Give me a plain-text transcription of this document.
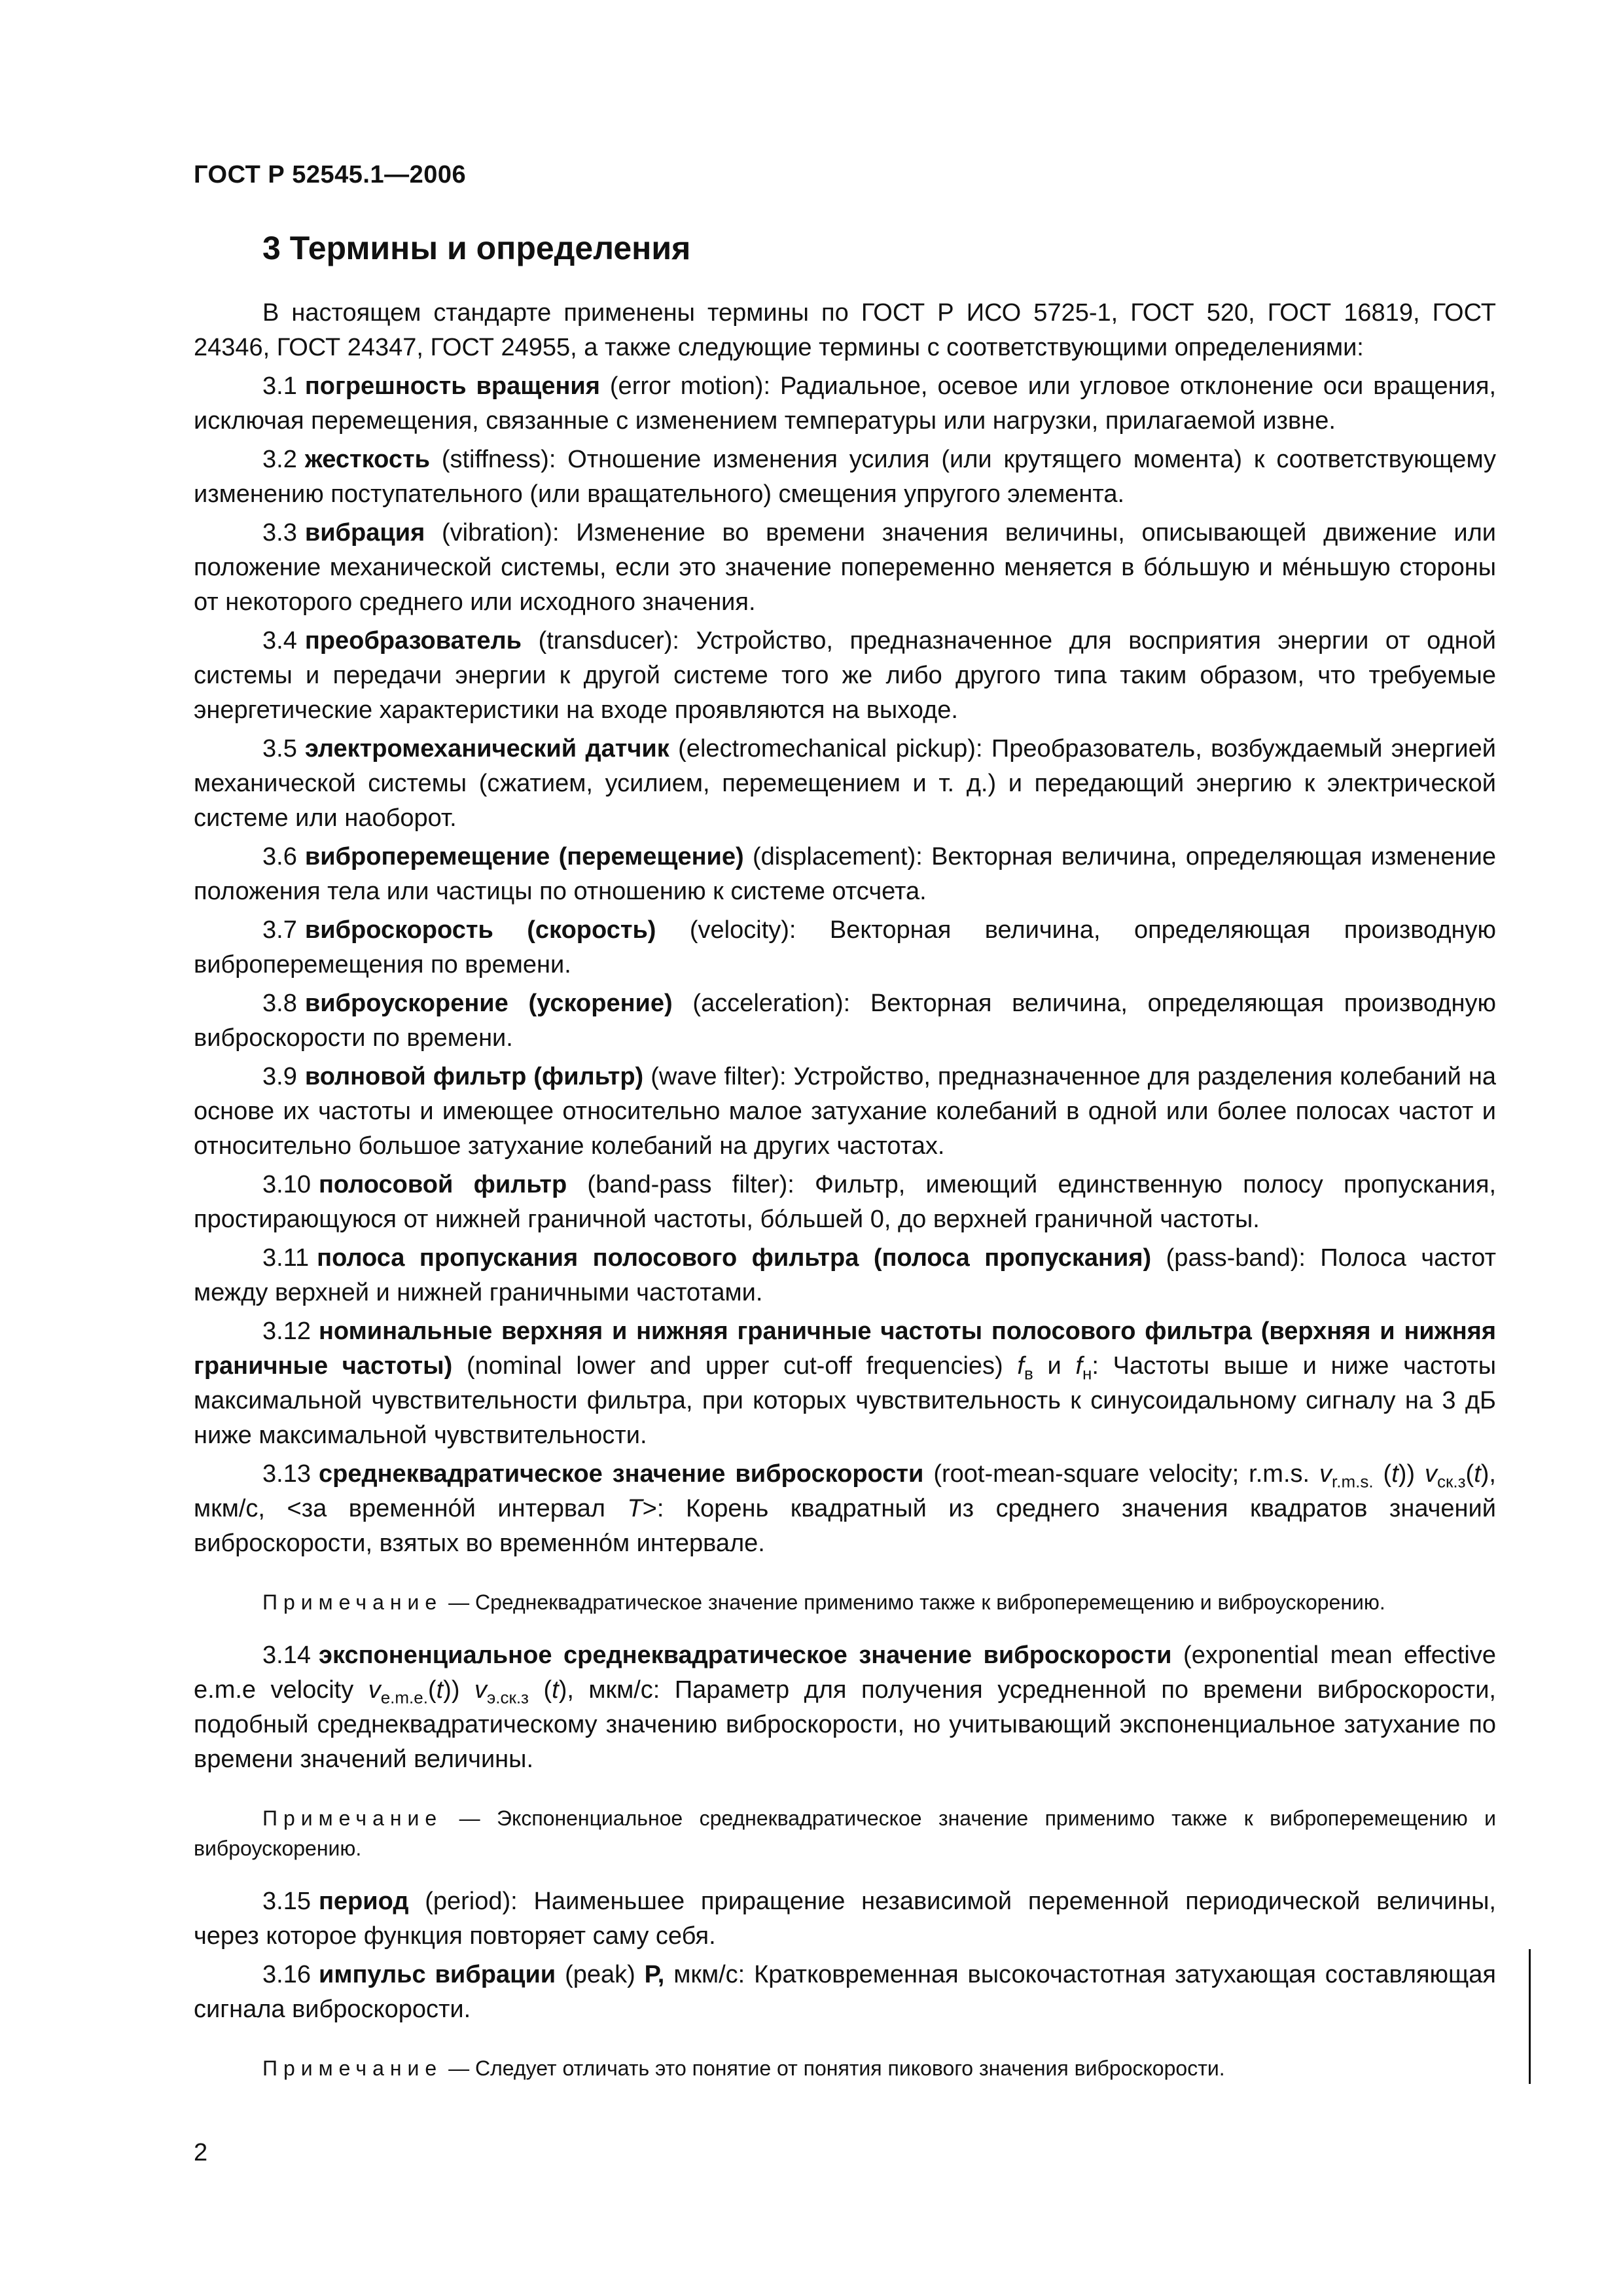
ГОСТ Р 52545.1—2006
3 Термины и определения

В настоящем стандарте применены термины по ГОСТ Р ИСО 5725-1, ГОСТ 520, ГОСТ 16819, ГОСТ 24346, ГОСТ 24347, ГОСТ 24955, а также следующие термины с соответствующими определениями:

3.1 погрешность вращения (error motion): Радиальное, осевое или угловое отклонение оси вращения, исключая перемещения, связанные с изменением температуры или нагрузки, прилагаемой извне.

3.2 жесткость (stiffness): Отношение изменения усилия (или крутящего момента) к соответствующему изменению поступательного (или вращательного) смещения упругого элемента.

3.3 вибрация (vibration): Изменение во времени значения величины, описывающей движение или положение механической системы, если это значение попеременно меняется в бо́льшую и ме́ньшую стороны от некоторого среднего или исходного значения.

3.4 преобразователь (transducer): Устройство, предназначенное для восприятия энергии от одной системы и передачи энергии к другой системе того же либо другого типа таким образом, что требуемые энергетические характеристики на входе проявляются на выходе.

3.5 электромеханический датчик (electromechanical pickup): Преобразователь, возбуждаемый энергией механической системы (сжатием, усилием, перемещением и т. д.) и передающий энергию к электрической системе или наоборот.

3.6 виброперемещение (перемещение) (displacement): Векторная величина, определяющая изменение положения тела или частицы по отношению к системе отсчета.

3.7 виброскорость (скорость) (velocity): Векторная величина, определяющая производную виброперемещения по времени.

3.8 виброускорение (ускорение) (acceleration): Векторная величина, определяющая производную виброскорости по времени.

3.9 волновой фильтр (фильтр) (wave filter): Устройство, предназначенное для разделения колебаний на основе их частоты и имеющее относительно малое затухание колебаний в одной или более полосах частот и относительно большое затухание колебаний на других частотах.

3.10 полосовой фильтр (band-pass filter): Фильтр, имеющий единственную полосу пропускания, простирающуюся от нижней граничной частоты, бо́льшей 0, до верхней граничной частоты.

3.11 полоса пропускания полосового фильтра (полоса пропускания) (pass-band): Полоса частот между верхней и нижней граничными частотами.

3.12 номинальные верхняя и нижняя граничные частоты полосового фильтра (верхняя и нижняя граничные частоты) (nominal lower and upper cut-off frequencies) $f_в$ и $f_н$: Частоты выше и ниже частоты максимальной чувствительности фильтра, при которых чувствительность к синусоидальному сигналу на 3 дБ ниже максимальной чувствительности.

3.13 среднеквадратическое значение виброскорости (root-mean-square velocity; r.m.s. $v_{r.m.s.}$ (t)) $v_{ск.з}(t)$, мкм/с, <за временно́й интервал T>: Корень квадратный из среднего значения квадратов значений виброскорости, взятых во временно́м интервале.

Примечание — Среднеквадратическое значение применимо также к виброперемещению и виброускорению.

3.14 экспоненциальное среднеквадратическое значение виброскорости (exponential mean effective e.m.e velocity $v_{e.m.e.}(t)$) $v_{э.ск.з}$ (t), мкм/с: Параметр для получения усредненной по времени виброскорости, подобный среднеквадратическому значению виброскорости, но учитывающий экспоненциальное затухание по времени значений величины.

Примечание — Экспоненциальное среднеквадратическое значение применимо также к виброперемещению и виброускорению.

3.15 период (period): Наименьшее приращение независимой переменной периодической величины, через которое функция повторяет саму себя.

3.16 импульс вибрации (peak) Р, мкм/с: Кратковременная высокочастотная затухающая составляющая сигнала виброскорости.

Примечание — Следует отличать это понятие от понятия пикового значения виброскорости.

2
